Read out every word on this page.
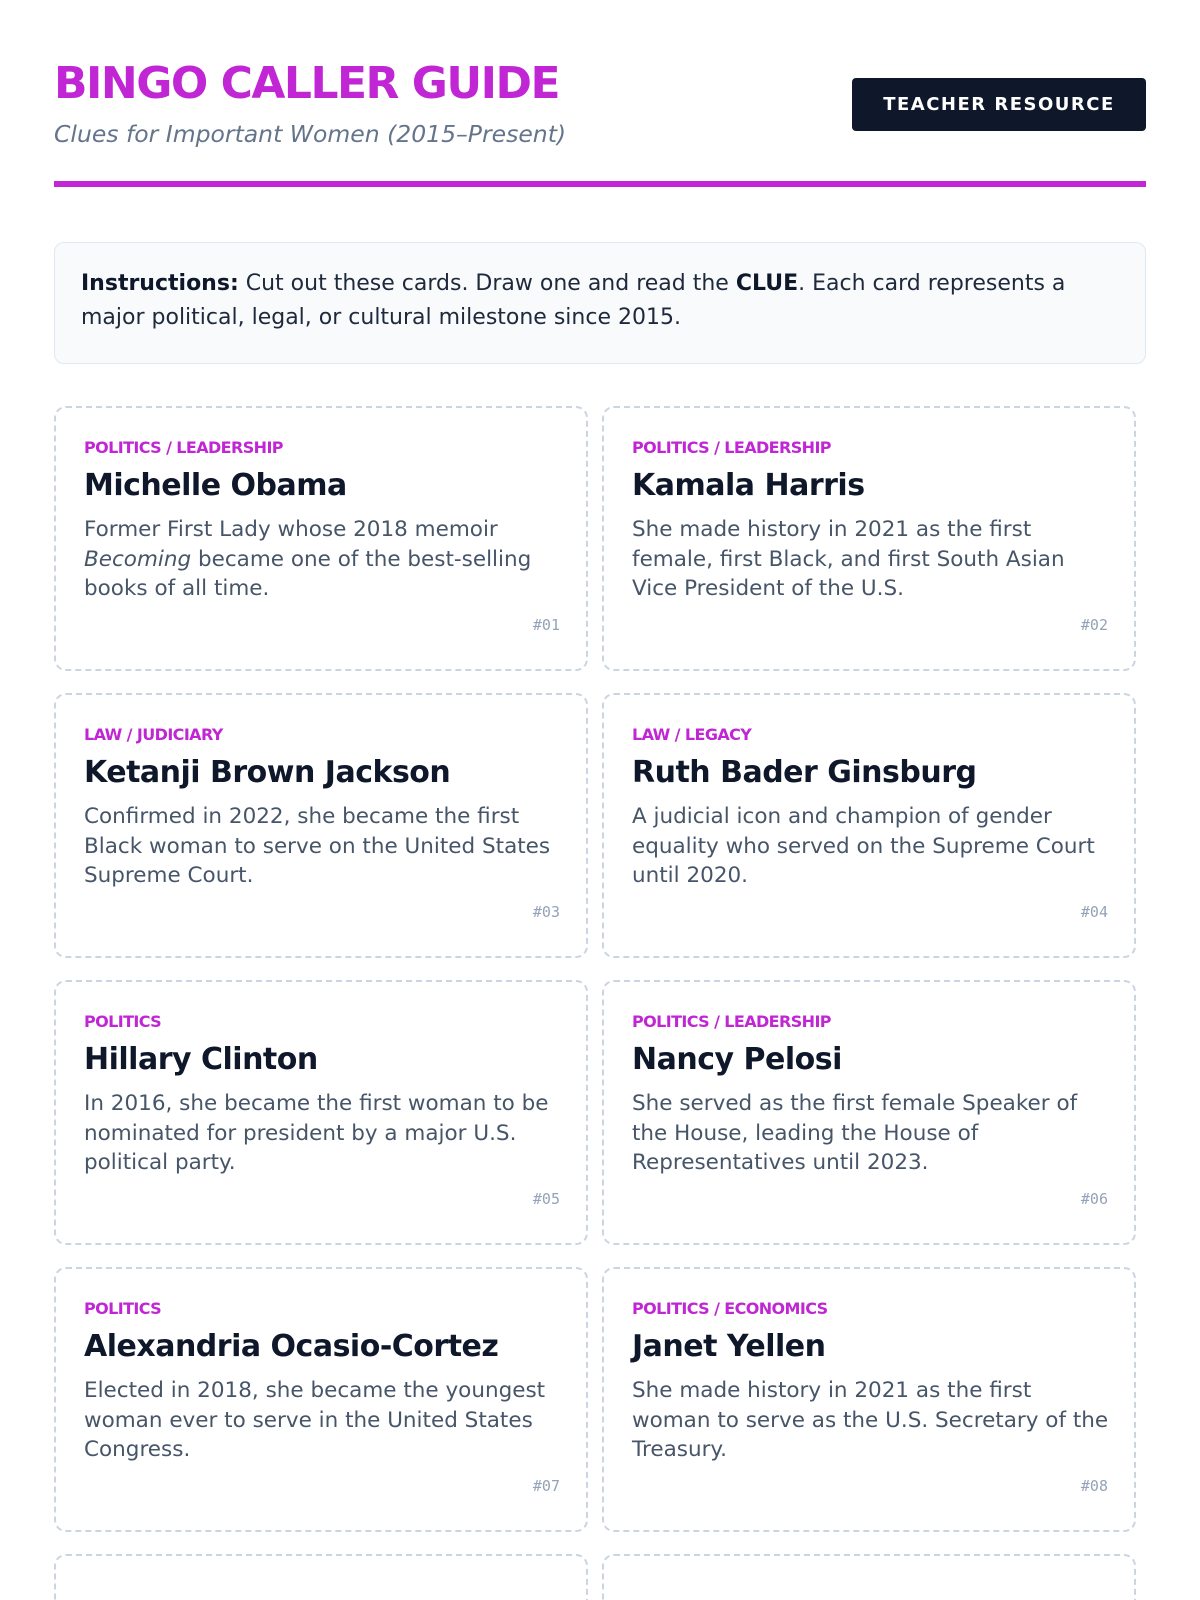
BINGO CALLER GUIDE
Clues for Important Women (2015–Present)
TEACHER RESOURCE
Instructions: Cut out these cards. Draw one and read the CLUE. Each card represents a major political, legal, or cultural milestone since 2015.
POLITICS / LEADERSHIP
Michelle Obama
Former First Lady whose 2018 memoir Becoming became one of the best-selling books of all time.
#01
POLITICS / LEADERSHIP
Kamala Harris
She made history in 2021 as the first female, first Black, and first South Asian Vice President of the U.S.
#02
LAW / JUDICIARY
Ketanji Brown Jackson
Confirmed in 2022, she became the first Black woman to serve on the United States Supreme Court.
#03
LAW / LEGACY
Ruth Bader Ginsburg
A judicial icon and champion of gender equality who served on the Supreme Court until 2020.
#04
POLITICS
Hillary Clinton
In 2016, she became the first woman to be nominated for president by a major U.S. political party.
#05
POLITICS / LEADERSHIP
Nancy Pelosi
She served as the first female Speaker of the House, leading the House of Representatives until 2023.
#06
POLITICS
Alexandria Ocasio-Cortez
Elected in 2018, she became the youngest woman ever to serve in the United States Congress.
#07
POLITICS / ECONOMICS
Janet Yellen
She made history in 2021 as the first woman to serve as the U.S. Secretary of the Treasury.
#08
